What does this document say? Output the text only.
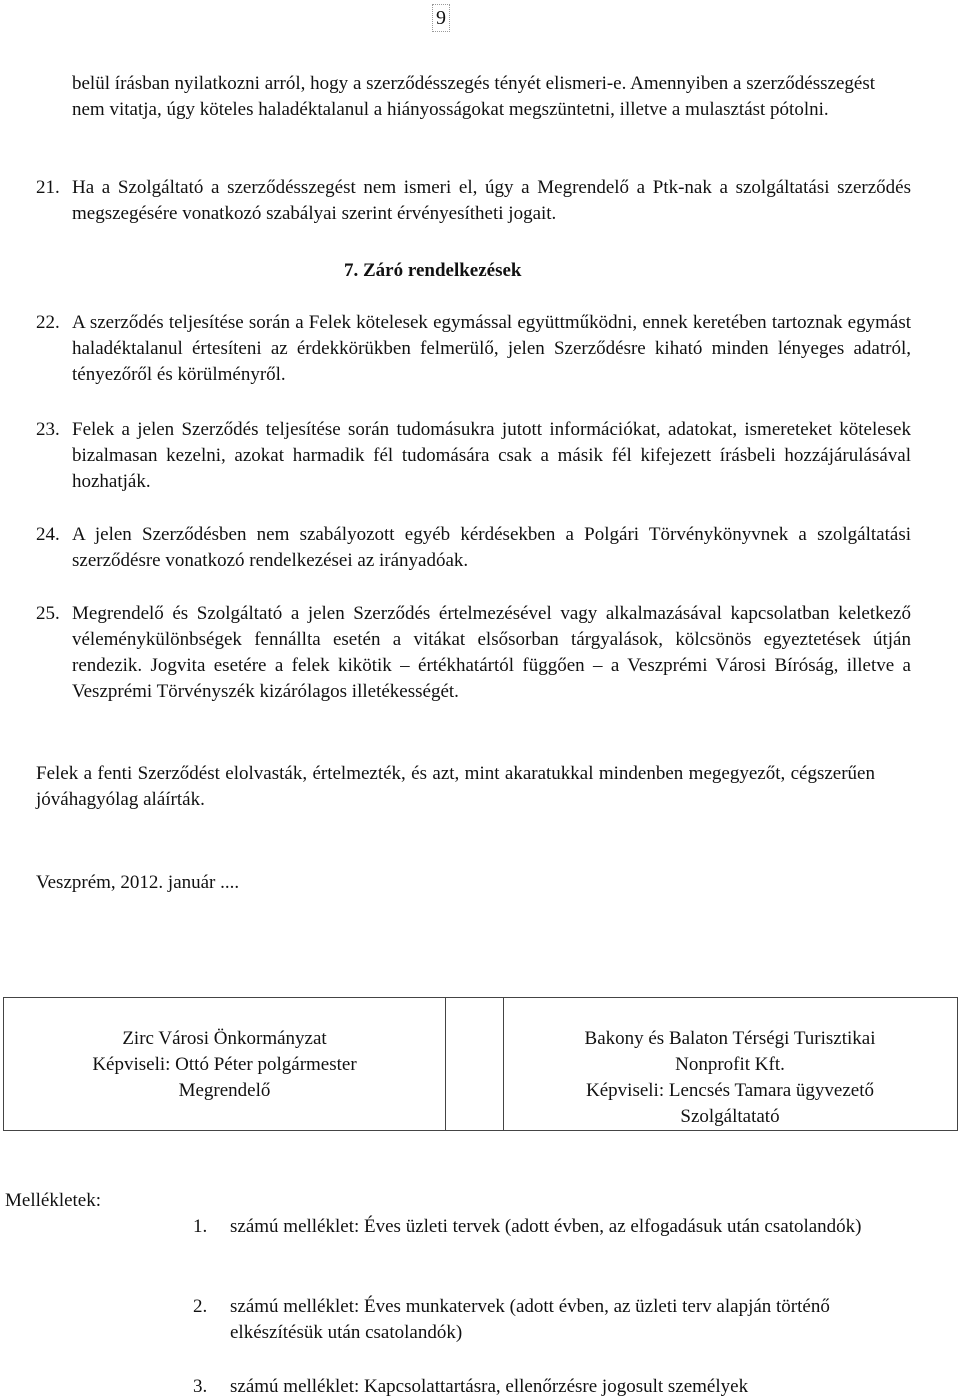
9
belül írásban nyilatkozni arról, hogy a szerződésszegés tényét elismeri-e. Amennyiben a szerződésszegést nem vitatja, úgy köteles haladéktalanul a hiányosságokat megszüntetni, illetve a mulasztást pótolni.
21. Ha a Szolgáltató a szerződésszegést nem ismeri el, úgy a Megrendelő a Ptk-nak a szolgáltatási szerződés megszegésére vonatkozó szabályai szerint érvényesítheti jogait.
7. Záró rendelkezések
22. A szerződés teljesítése során a Felek kötelesek egymással együttműködni, ennek keretében tartoznak egymást haladéktalanul értesíteni az érdekkörükben felmerülő, jelen Szerződésre kiható minden lényeges adatról, tényezőről és körülményről.
23. Felek a jelen Szerződés teljesítése során tudomásukra jutott információkat, adatokat, ismereteket kötelesek bizalmasan kezelni, azokat harmadik fél tudomására csak a másik fél kifejezett írásbeli hozzájárulásával hozhatják.
24. A jelen Szerződésben nem szabályozott egyéb kérdésekben a Polgári Törvénykönyvnek a szolgáltatási szerződésre vonatkozó rendelkezései az irányadóak.
25. Megrendelő és Szolgáltató a jelen Szerződés értelmezésével vagy alkalmazásával kapcsolatban keletkező véleménykülönbségek fennállta esetén a vitákat elsősorban tárgyalások, kölcsönös egyeztetések útján rendezik. Jogvita esetére a felek kikötik – értékhatártól függően – a Veszprémi Városi Bíróság, illetve a Veszprémi Törvényszék kizárólagos illetékességét.
Felek a fenti Szerződést elolvasták, értelmezték, és azt, mint akaratukkal mindenben megegyezőt, cégszerűen jóváhagyólag aláírták.
Veszprém, 2012. január ....
Zirc Városi Önkormányzat
Képviseli: Ottó Péter polgármester
Megrendelő
Bakony és Balaton Térségi Turisztikai
Nonprofit Kft.
Képviseli: Lencsés Tamara ügyvezető
Szolgáltatató
Mellékletek:
1. számú melléklet: Éves üzleti tervek (adott évben, az elfogadásuk után csatolandók)
2. számú melléklet: Éves munkatervek (adott évben, az üzleti terv alapján történő elkészítésük után csatolandók)
3. számú melléklet: Kapcsolattartásra, ellenőrzésre jogosult személyek
